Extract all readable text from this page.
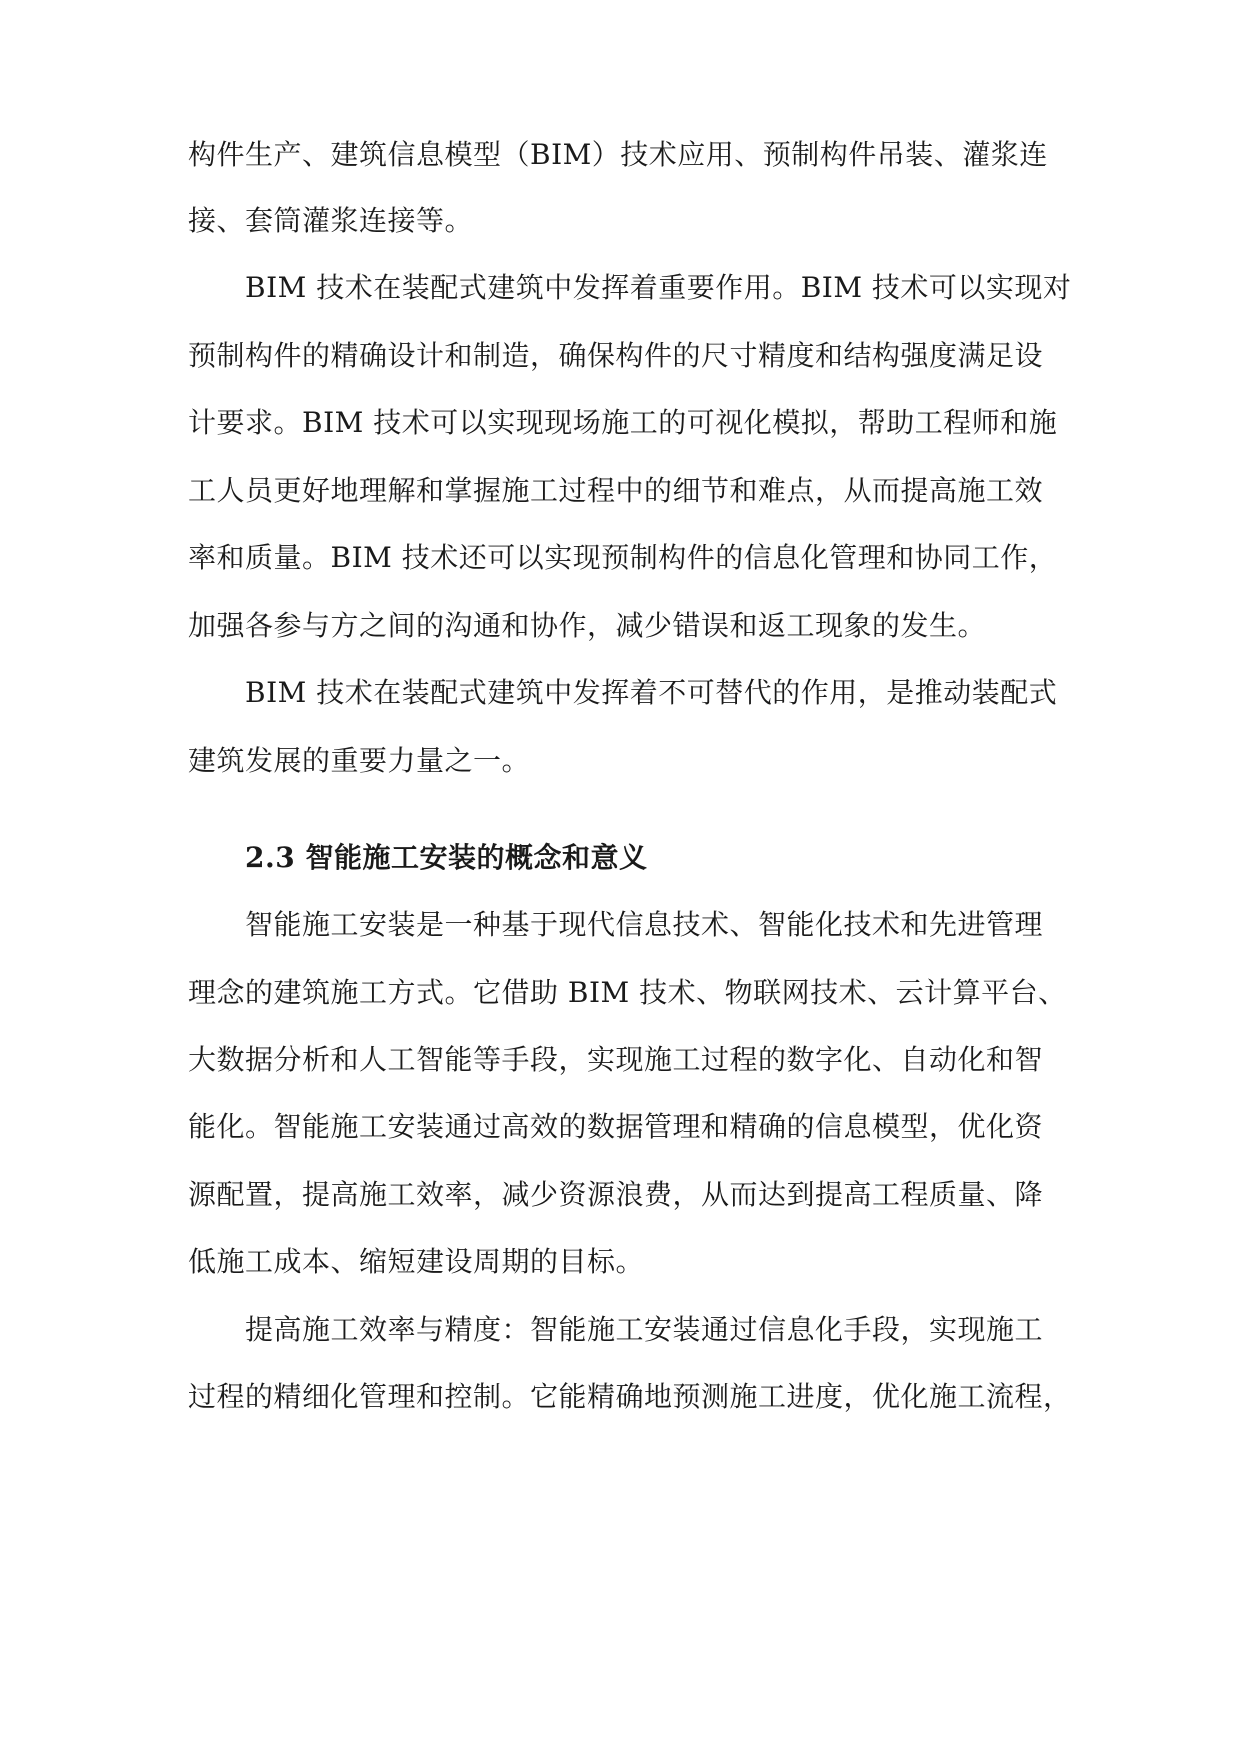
构件生产、建筑信息模型（BIM）技术应用、预制构件吊装、灌浆连
接、套筒灌浆连接等。
BIM 技术在装配式建筑中发挥着重要作用。BIM 技术可以实现对
预制构件的精确设计和制造，确保构件的尺寸精度和结构强度满足设
计要求。BIM 技术可以实现现场施工的可视化模拟，帮助工程师和施
工人员更好地理解和掌握施工过程中的细节和难点，从而提高施工效
率和质量。BIM 技术还可以实现预制构件的信息化管理和协同工作，
加强各参与方之间的沟通和协作，减少错误和返工现象的发生。
BIM 技术在装配式建筑中发挥着不可替代的作用，是推动装配式
建筑发展的重要力量之一。
2.3 智能施工安装的概念和意义
智能施工安装是一种基于现代信息技术、智能化技术和先进管理
理念的建筑施工方式。它借助 BIM 技术、物联网技术、云计算平台、
大数据分析和人工智能等手段，实现施工过程的数字化、自动化和智
能化。智能施工安装通过高效的数据管理和精确的信息模型，优化资
源配置，提高施工效率，减少资源浪费，从而达到提高工程质量、降
低施工成本、缩短建设周期的目标。
提高施工效率与精度：智能施工安装通过信息化手段，实现施工
过程的精细化管理和控制。它能精确地预测施工进度，优化施工流程，
